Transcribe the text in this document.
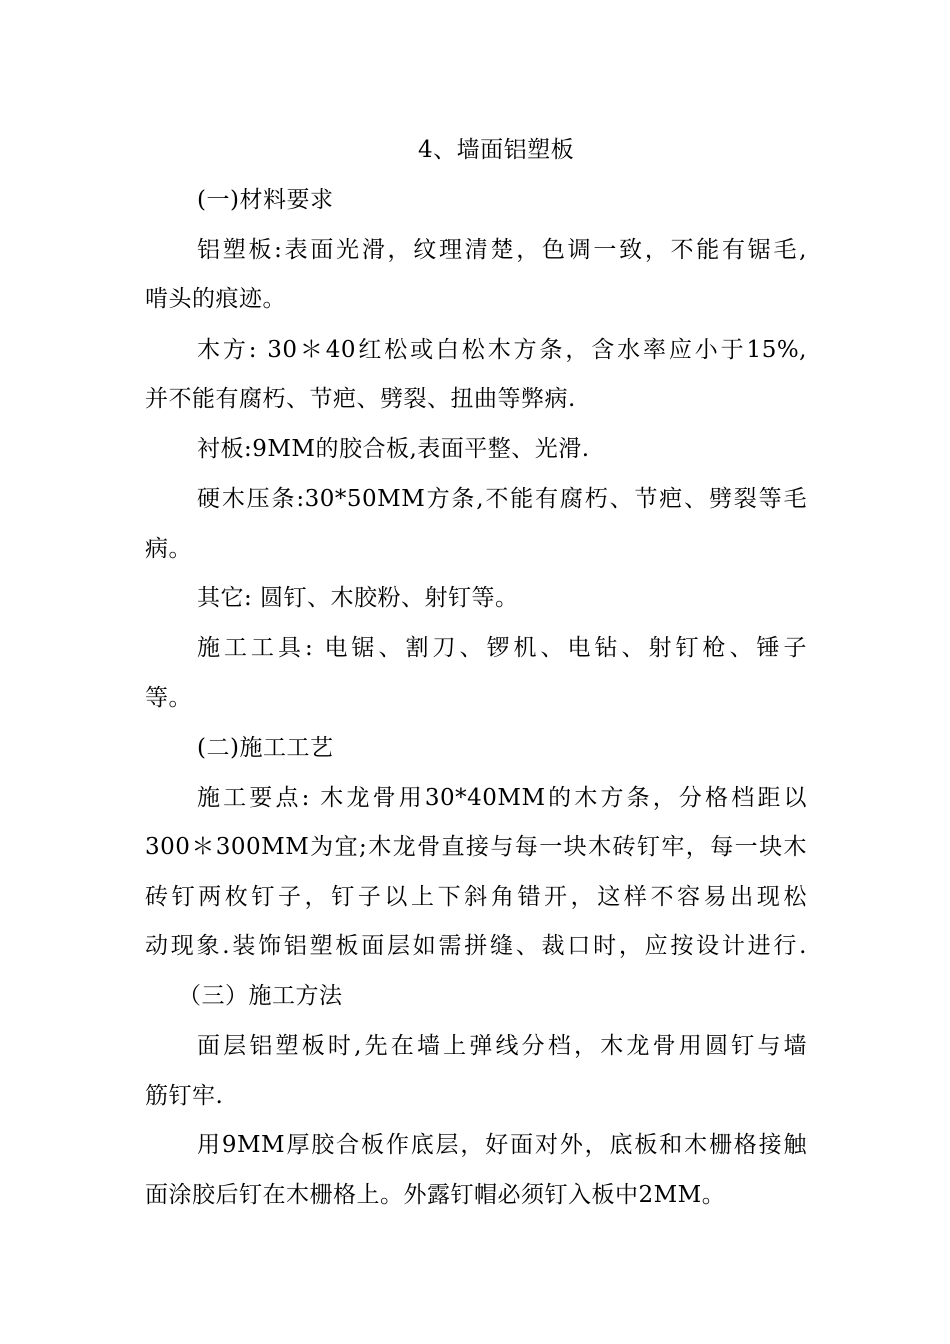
4、墙面铝塑板
(一)材料要求
铝塑板:表面光滑，纹理清楚，色调一致，不能有锯毛,
啃头的痕迹。
木方: 30＊40红松或白松木方条，含水率应小于15%,
并不能有腐朽、节疤、劈裂、扭曲等弊病.
衬板:9MM的胶合板,表面平整、光滑.
硬木压条:30*50MM方条,不能有腐朽、节疤、劈裂等毛
病。
其它: 圆钉、木胶粉、射钉等。
施工工具: 电锯、割刀、锣机、电钻、射钉枪、锤子
等。
(二)施工工艺
施工要点: 木龙骨用30*40MM的木方条，分格档距以
300＊300MM为宜;木龙骨直接与每一块木砖钉牢，每一块木
砖钉两枚钉子，钉子以上下斜角错开，这样不容易出现松
动现象.装饰铝塑板面层如需拼缝、裁口时，应按设计进行.
（三）施工方法
面层铝塑板时,先在墙上弹线分档，木龙骨用圆钉与墙
筋钉牢.
用9MM厚胶合板作底层，好面对外，底板和木栅格接触
面涂胶后钉在木栅格上。外露钉帽必须钉入板中2MM。
